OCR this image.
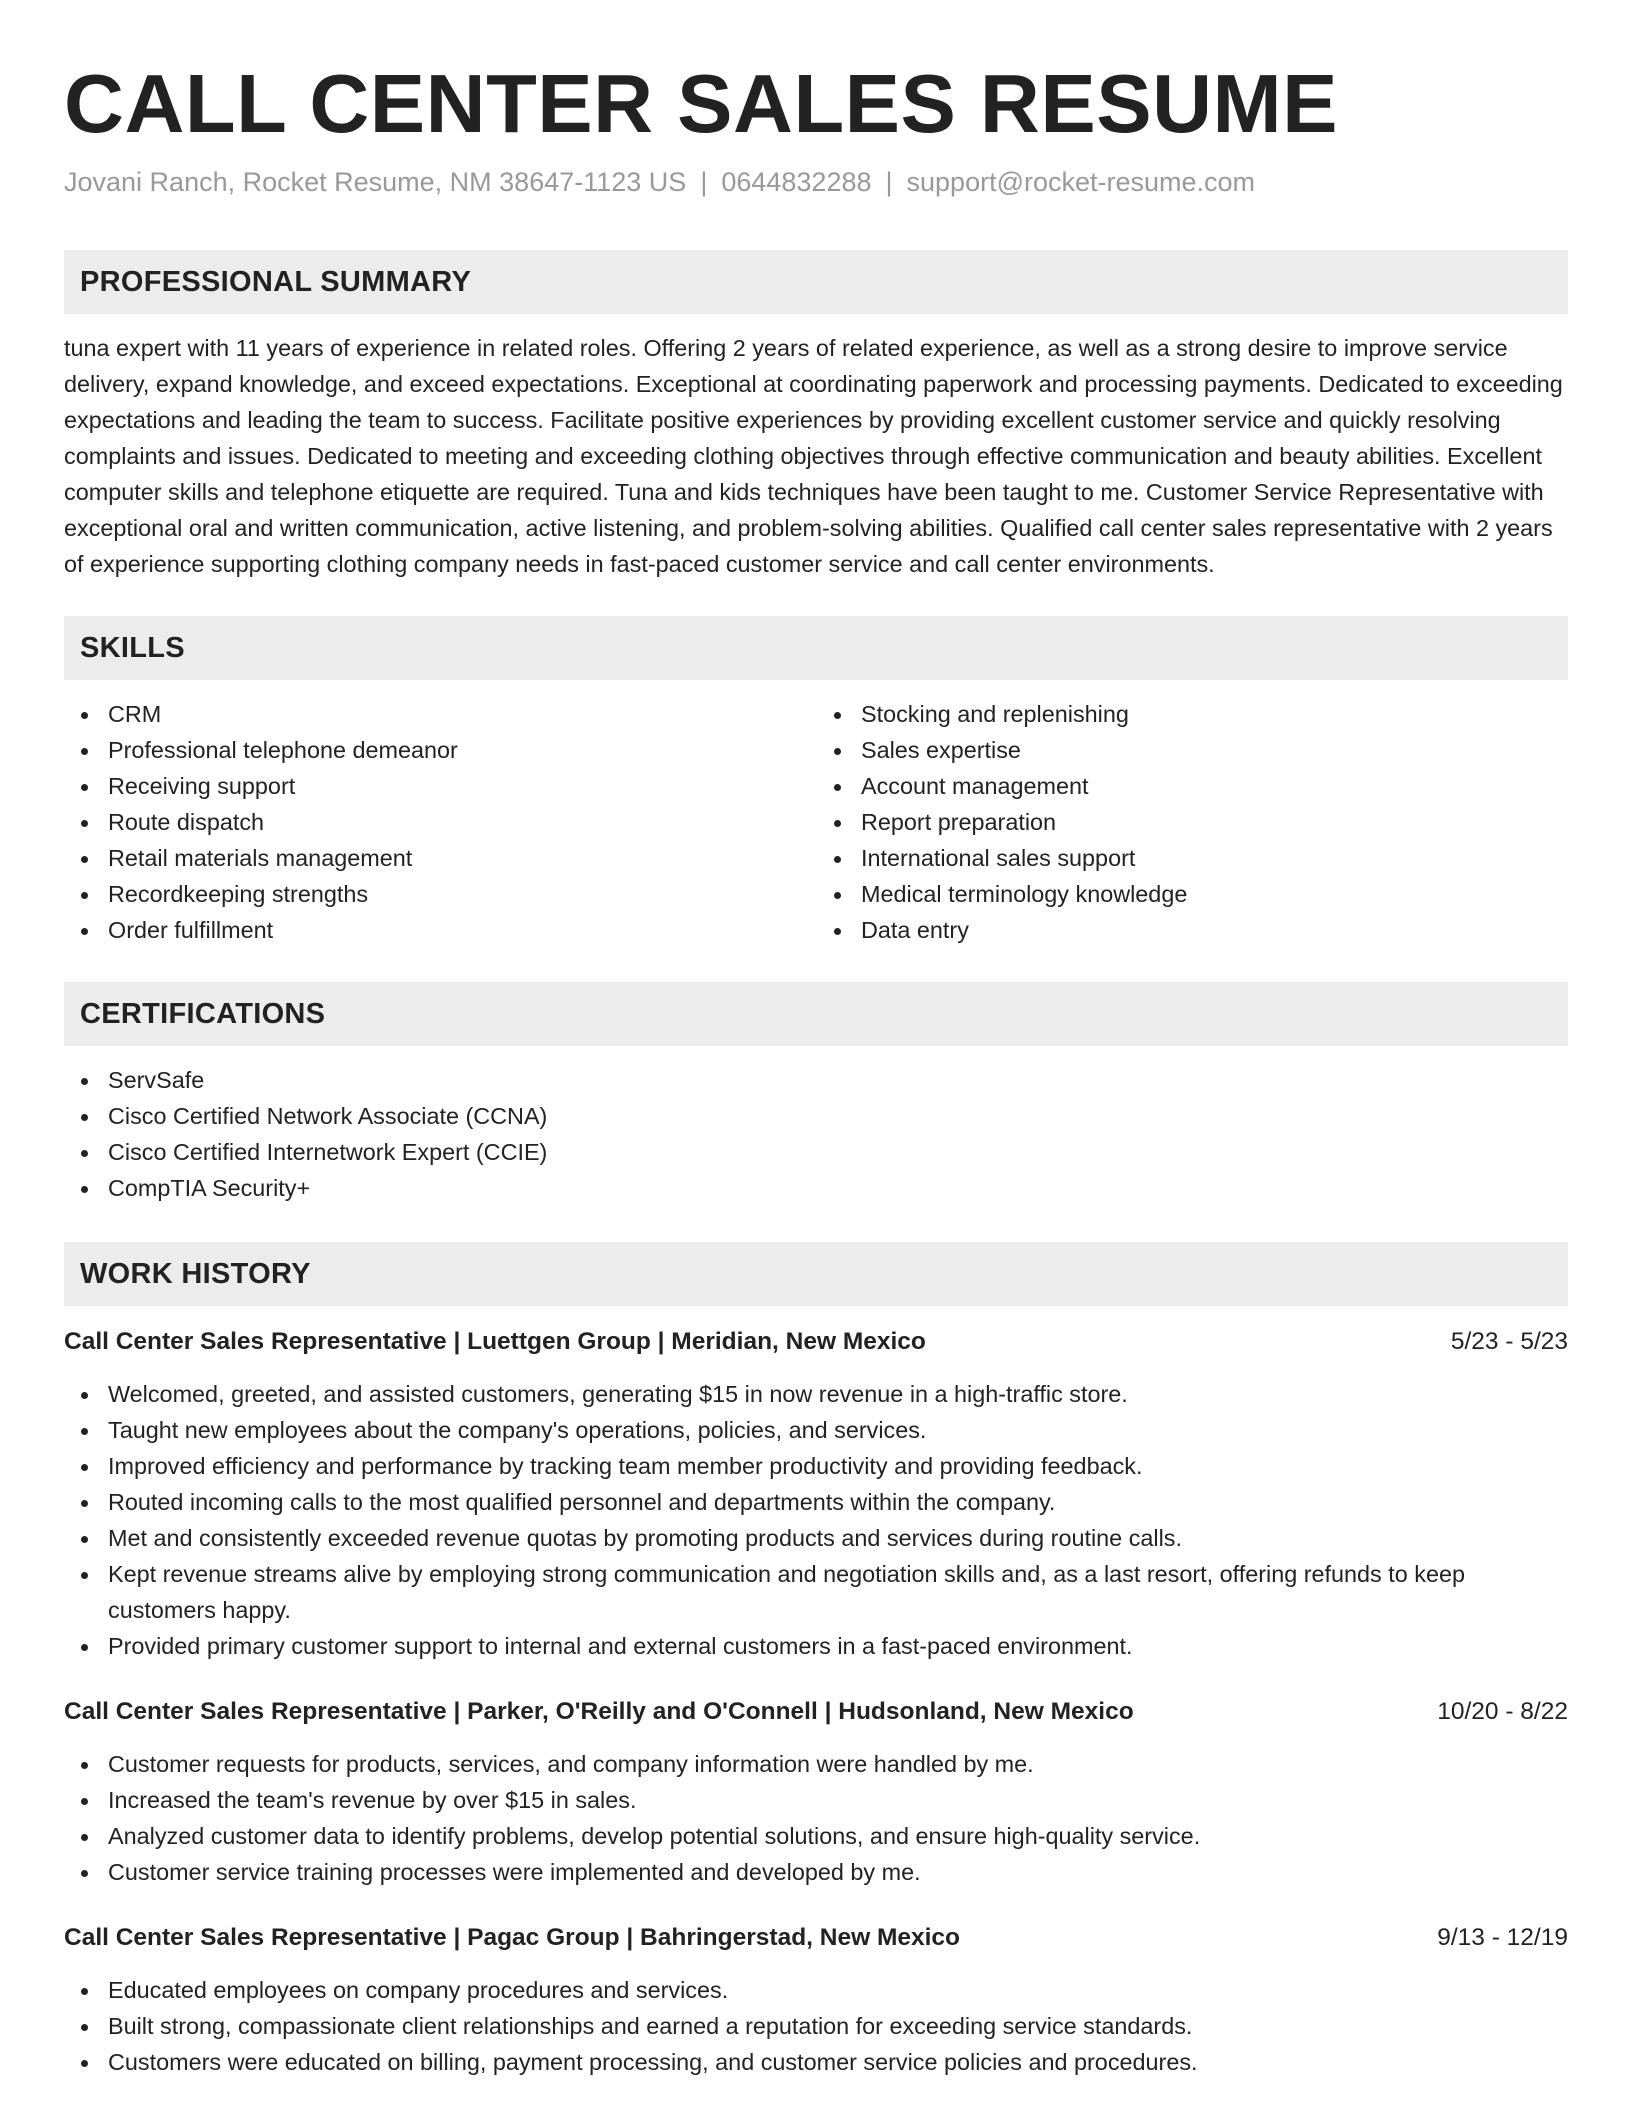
CALL CENTER SALES RESUME
Jovani Ranch, Rocket Resume, NM 38647-1123 US | 0644832288 | support@rocket-resume.com
PROFESSIONAL SUMMARY

tuna expert with 11 years of experience in related roles. Offering 2 years of related experience, as well as a strong desire to improve service delivery, expand knowledge, and exceed expectations. Exceptional at coordinating paperwork and processing payments. Dedicated to exceeding expectations and leading the team to success. Facilitate positive experiences by providing excellent customer service and quickly resolving complaints and issues. Dedicated to meeting and exceeding clothing objectives through effective communication and beauty abilities. Excellent computer skills and telephone etiquette are required. Tuna and kids techniques have been taught to me. Customer Service Representative with exceptional oral and written communication, active listening, and problem-solving abilities. Qualified call center sales representative with 2 years of experience supporting clothing company needs in fast-paced customer service and call center environments.

SKILLS
CRM
Professional telephone demeanor
Receiving support
Route dispatch
Retail materials management
Recordkeeping strengths
Order fulfillment
Stocking and replenishing
Sales expertise
Account management
Report preparation
International sales support
Medical terminology knowledge
Data entry
CERTIFICATIONS
ServSafe
Cisco Certified Network Associate (CCNA)
Cisco Certified Internetwork Expert (CCIE)
CompTIA Security+
WORK HISTORY
Call Center Sales Representative | Luettgen Group | Meridian, New Mexico	5/23 - 5/23
Welcomed, greeted, and assisted customers, generating $15 in now revenue in a high-traffic store.
Taught new employees about the company's operations, policies, and services.
Improved efficiency and performance by tracking team member productivity and providing feedback.
Routed incoming calls to the most qualified personnel and departments within the company.
Met and consistently exceeded revenue quotas by promoting products and services during routine calls.
Kept revenue streams alive by employing strong communication and negotiation skills and, as a last resort, offering refunds to keep customers happy.
Provided primary customer support to internal and external customers in a fast-paced environment.
Call Center Sales Representative | Parker, O'Reilly and O'Connell | Hudsonland, New Mexico	10/20 - 8/22
Customer requests for products, services, and company information were handled by me.
Increased the team's revenue by over $15 in sales.
Analyzed customer data to identify problems, develop potential solutions, and ensure high-quality service.
Customer service training processes were implemented and developed by me.
Call Center Sales Representative | Pagac Group | Bahringerstad, New Mexico	9/13 - 12/19
Educated employees on company procedures and services.
Built strong, compassionate client relationships and earned a reputation for exceeding service standards.
Customers were educated on billing, payment processing, and customer service policies and procedures.
